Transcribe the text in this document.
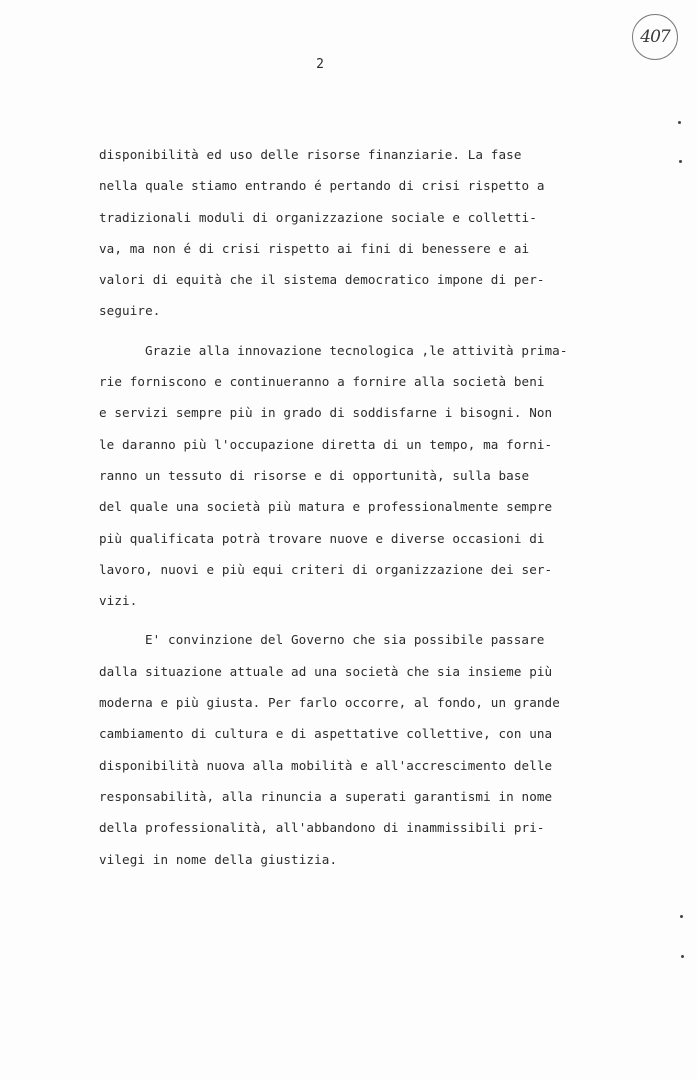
407
2
disponibilità ed uso delle risorse finanziarie. La fase
nella quale stiamo entrando é pertando di crisi rispetto a
tradizionali moduli di organizzazione sociale e colletti-
va, ma non é di crisi rispetto ai fini di benessere e ai
valori di equità che il sistema democratico impone di per-
seguire.
Grazie alla innovazione tecnologica ,le attività prima-
rie forniscono e continueranno a fornire alla società beni
e servizi sempre più in grado di soddisfarne i bisogni. Non
le daranno più l'occupazione diretta di un tempo, ma forni-
ranno un tessuto di risorse e di opportunità, sulla base
del quale una società più matura e professionalmente sempre
più qualificata potrà trovare nuove e diverse occasioni di
lavoro, nuovi e più equi criteri di organizzazione dei ser-
vizi.
E' convinzione del Governo che sia possibile passare
dalla situazione attuale ad una società che sia insieme più
moderna e più giusta. Per farlo occorre, al fondo, un grande
cambiamento di cultura e di aspettative collettive, con una
disponibilità nuova alla mobilità e all'accrescimento delle
responsabilità, alla rinuncia a superati garantismi in nome
della professionalità, all'abbandono di inammissibili pri-
vilegi in nome della giustizia.
